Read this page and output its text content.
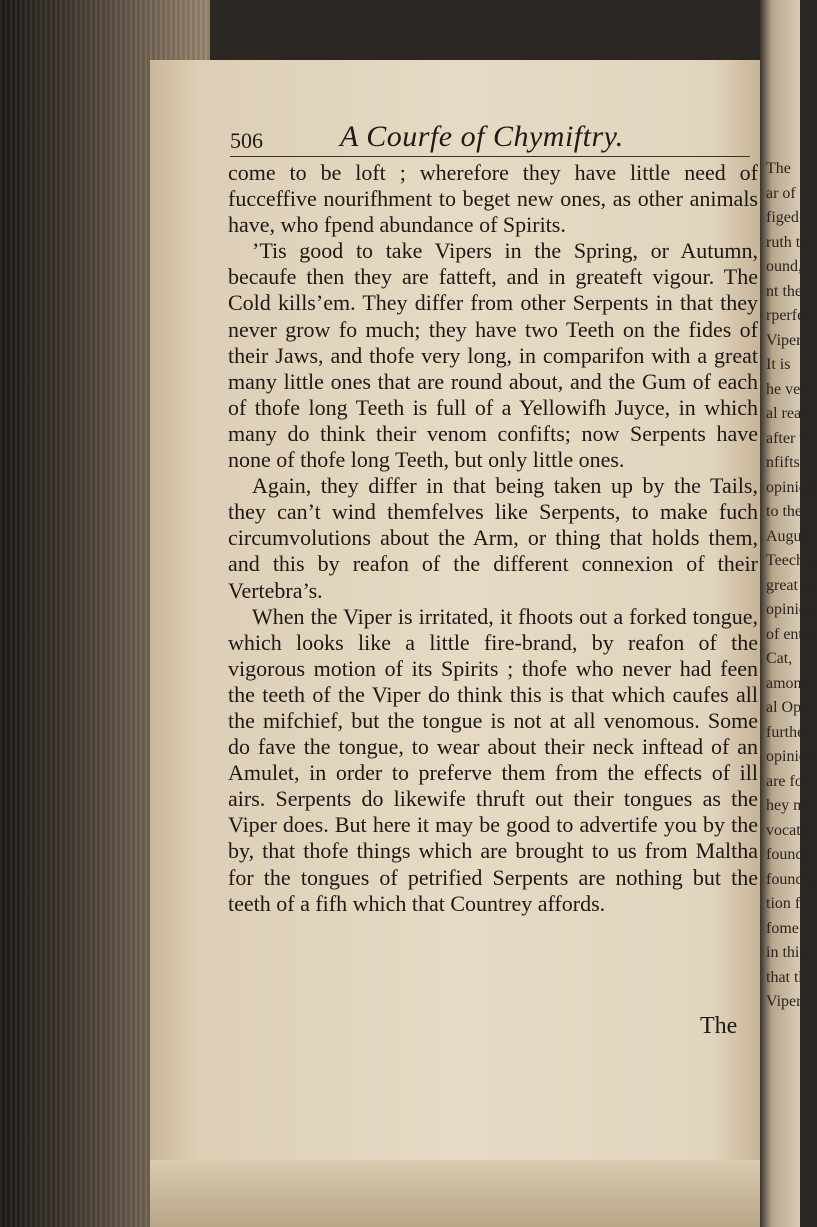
The
ar of
figed
ruth th
ound,
nt the
rperfe
Viper,
It is
he ven
al reaf
after th
nfifts
opinion
to the r
Augufi
Teeches
great m
opinion
of entra
Cat,
among
al Ope
further
opinion
are fom
hey m
vocatio
found,
found c
tion f
fome
in this
that th
Viper,
506	A Courfe of Chymiftry.

come to be loft ; wherefore they have little need of fucceffive nourifhment to beget new ones, as other animals have, who fpend abundance of Spirits.

’Tis good to take Vipers in the Spring, or Autumn, becaufe then they are fatteft, and in greateft vigour. The Cold kills’em. They differ from other Serpents in that they never grow fo much; they have two Teeth on the fides of their Jaws, and thofe very long, in comparifon with a great many little ones that are round about, and the Gum of each of thofe long Teeth is full of a Yellowifh Juyce, in which many do think their venom confifts; now Serpents have none of thofe long Teeth, but only little ones.

Again, they differ in that being taken up by the Tails, they can’t wind themfelves like Serpents, to make fuch circumvolutions about the Arm, or thing that holds them, and this by reafon of the different connexion of their Vertebra’s.

When the Viper is irritated, it fhoots out a forked tongue, which looks like a little fire-brand, by reafon of the vigorous motion of its Spirits ; thofe who never had feen the teeth of the Viper do think this is that which caufes all the mifchief, but the tongue is not at all venomous. Some do fave the tongue, to wear about their neck inftead of an Amulet, in order to preferve them from the effects of ill airs. Serpents do likewife thruft out their tongues as the Viper does. But here it may be good to advertife you by the by, that thofe things which are brought to us from Maltha for the tongues of petrified Serpents are nothing but the teeth of a fifh which that Countrey affords.

The
